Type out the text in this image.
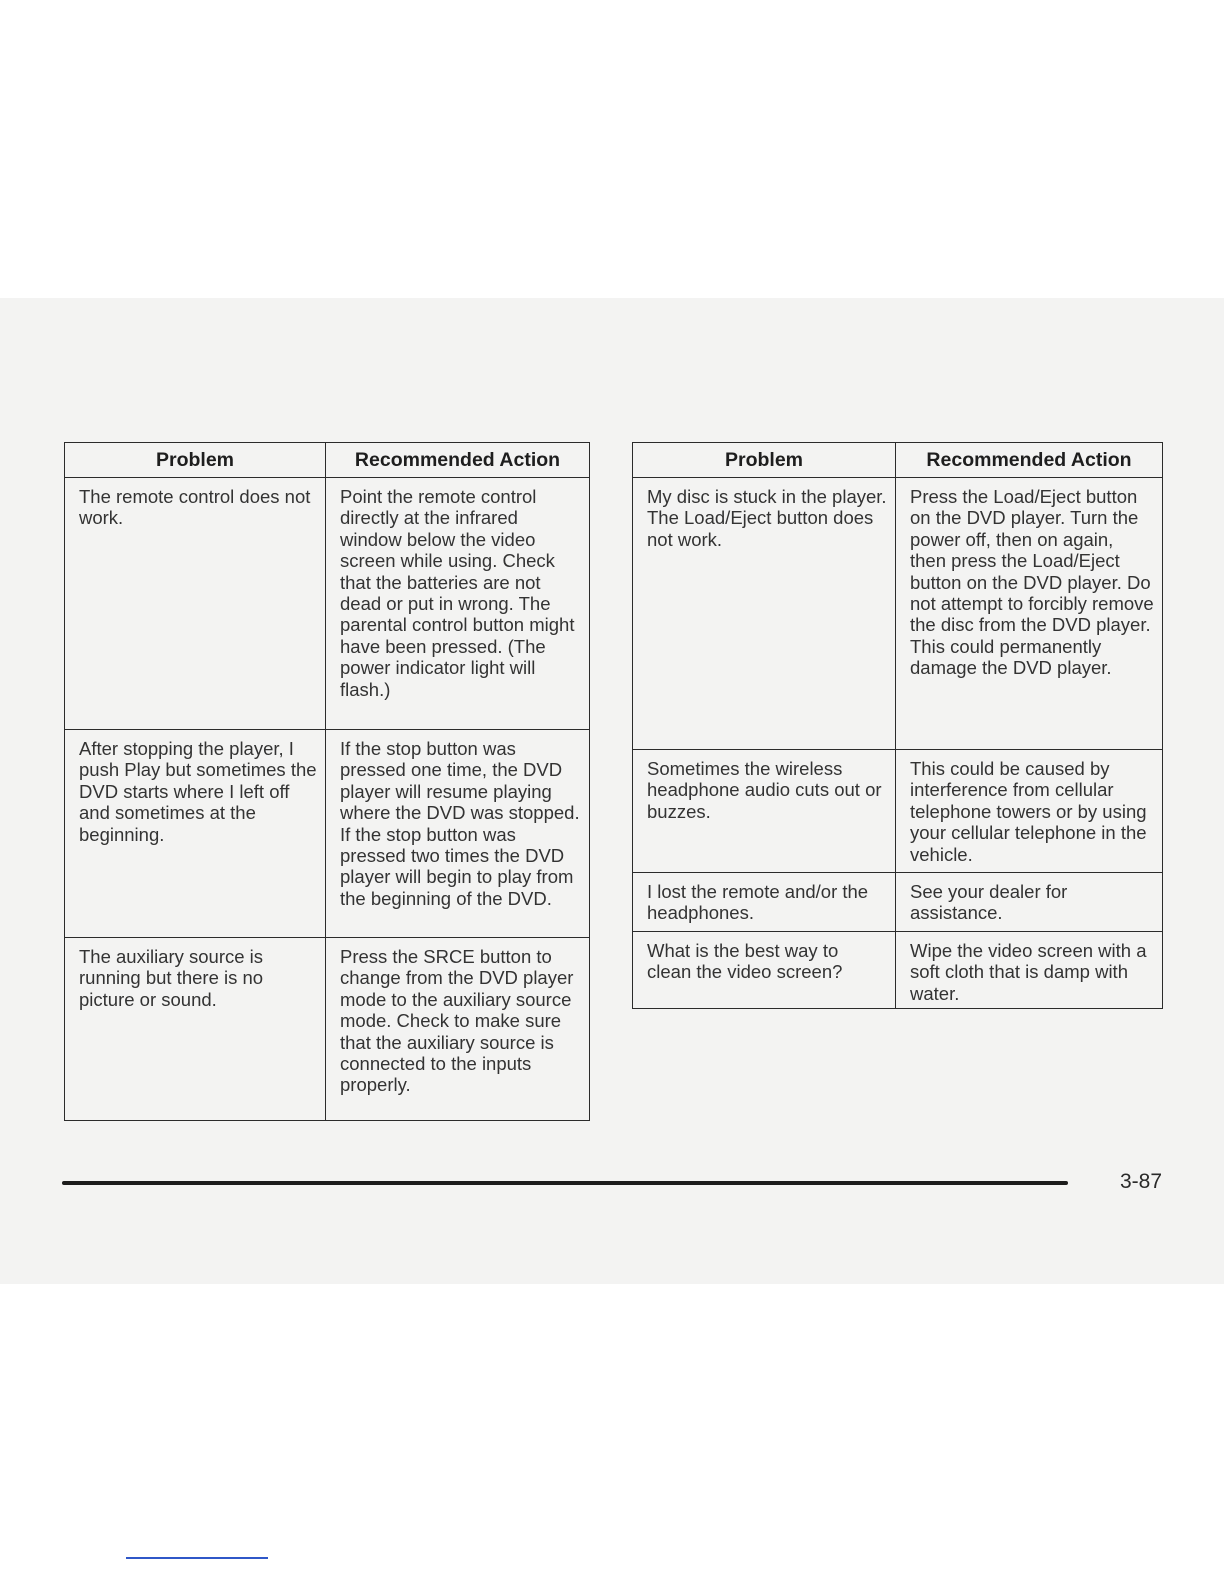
Problem	Recommended Action
The remote control does not work.	Point the remote control directly at the infrared window below the video screen while using. Check that the batteries are not dead or put in wrong. The parental control button might have been pressed. (The power indicator light will flash.)
After stopping the player, I push Play but sometimes the DVD starts where I left off and sometimes at the beginning.	If the stop button was pressed one time, the DVD player will resume playing where the DVD was stopped. If the stop button was pressed two times the DVD player will begin to play from the beginning of the DVD.
The auxiliary source is running but there is no picture or sound.	Press the SRCE button to change from the DVD player mode to the auxiliary source mode. Check to make sure that the auxiliary source is connected to the inputs properly.
Problem	Recommended Action
My disc is stuck in the player. The Load/Eject button does not work.	Press the Load/Eject button on the DVD player. Turn the power off, then on again, then press the Load/Eject button on the DVD player. Do not attempt to forcibly remove the disc from the DVD player. This could permanently damage the DVD player.
Sometimes the wireless headphone audio cuts out or buzzes.	This could be caused by interference from cellular telephone towers or by using your cellular telephone in the vehicle.
I lost the remote and/or the headphones.	See your dealer for assistance.
What is the best way to clean the video screen?	Wipe the video screen with a soft cloth that is damp with water.
3-87
